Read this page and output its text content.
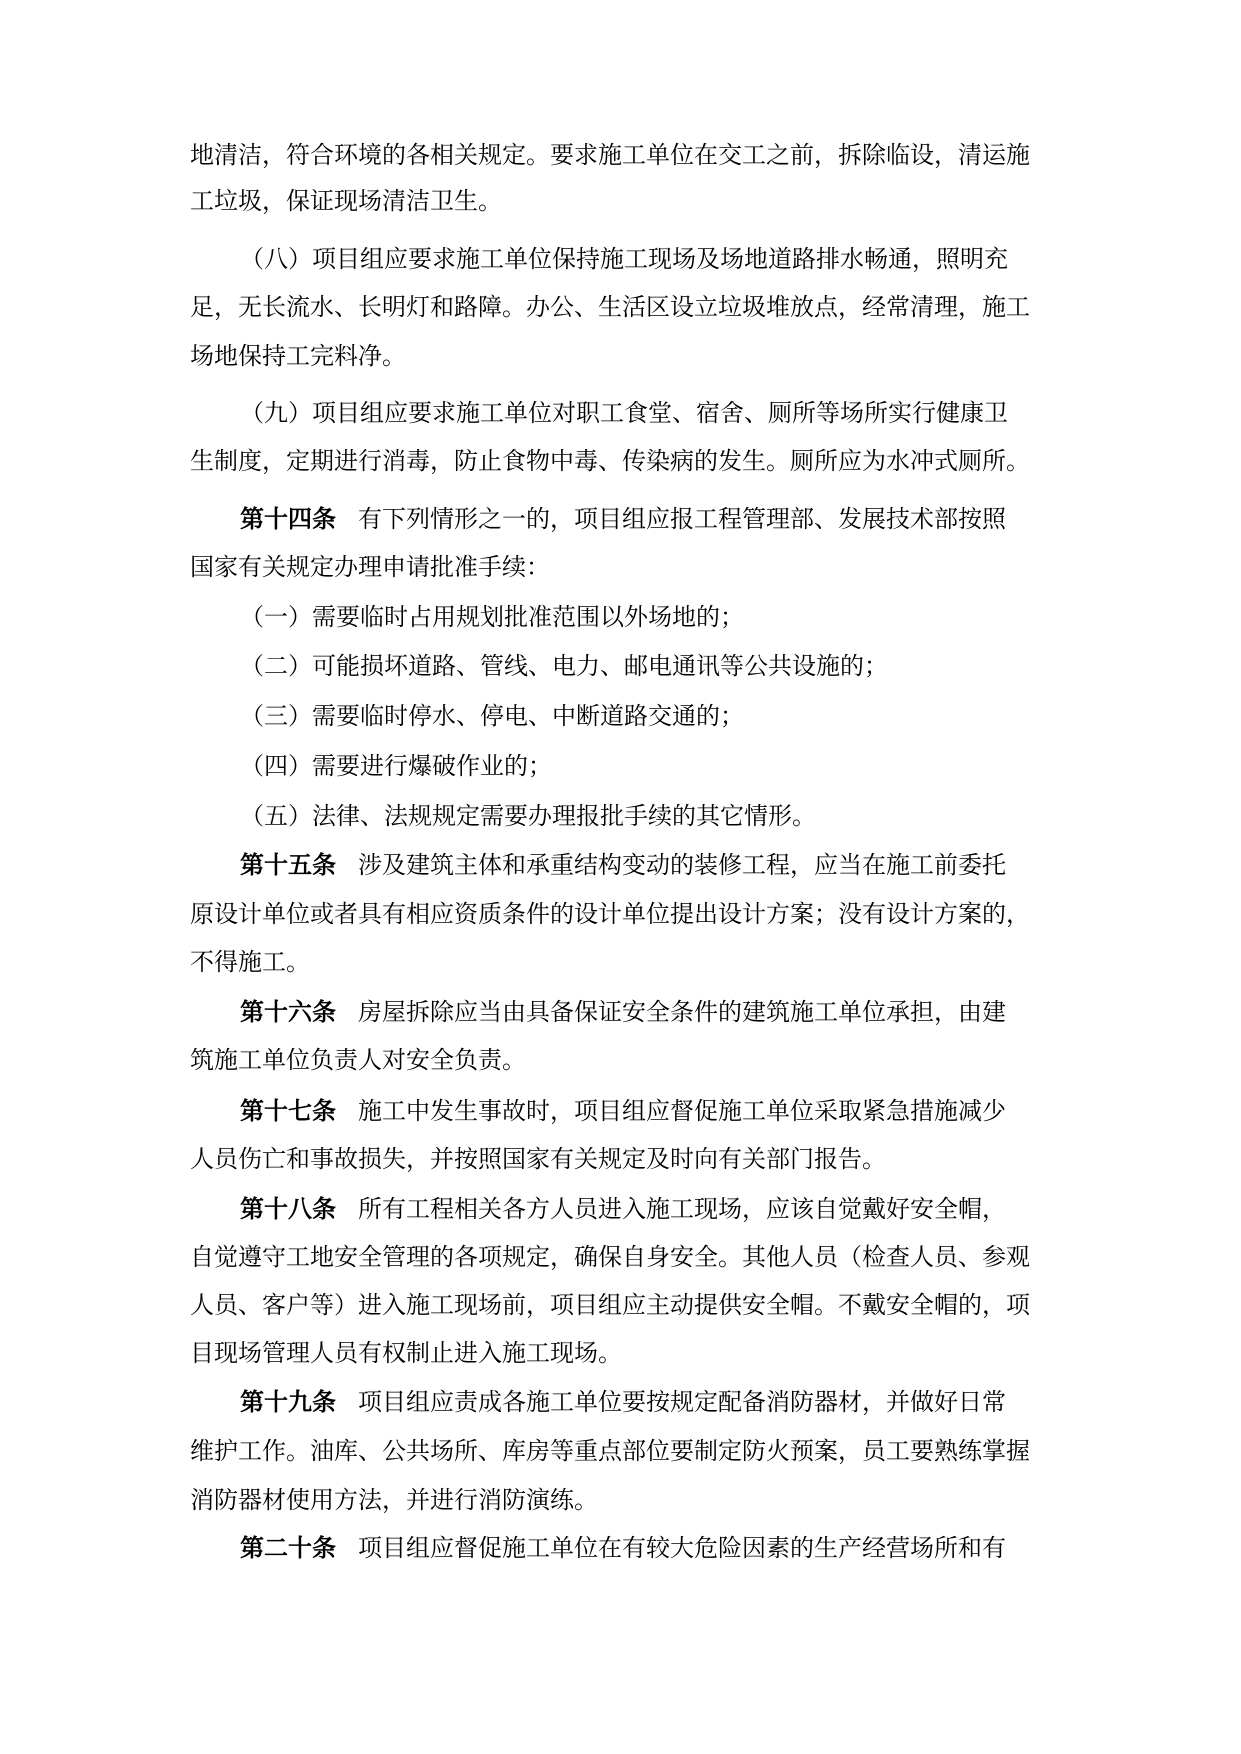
地清洁，符合环境的各相关规定。要求施工单位在交工之前，拆除临设，清运施
工垃圾，保证现场清洁卫生。
（八）项目组应要求施工单位保持施工现场及场地道路排水畅通，照明充
足，无长流水、长明灯和路障。办公、生活区设立垃圾堆放点，经常清理，施工
场地保持工完料净。
（九）项目组应要求施工单位对职工食堂、宿舍、厕所等场所实行健康卫
生制度，定期进行消毒，防止食物中毒、传染病的发生。厕所应为水冲式厕所。
第十四条 有下列情形之一的，项目组应报工程管理部、发展技术部按照
国家有关规定办理申请批准手续：
（一）需要临时占用规划批准范围以外场地的；
（二）可能损坏道路、管线、电力、邮电通讯等公共设施的；
（三）需要临时停水、停电、中断道路交通的；
（四）需要进行爆破作业的；
（五）法律、法规规定需要办理报批手续的其它情形。
第十五条 涉及建筑主体和承重结构变动的装修工程，应当在施工前委托
原设计单位或者具有相应资质条件的设计单位提出设计方案；没有设计方案的，
不得施工。
第十六条 房屋拆除应当由具备保证安全条件的建筑施工单位承担，由建
筑施工单位负责人对安全负责。
第十七条 施工中发生事故时，项目组应督促施工单位采取紧急措施减少
人员伤亡和事故损失，并按照国家有关规定及时向有关部门报告。
第十八条 所有工程相关各方人员进入施工现场，应该自觉戴好安全帽，
自觉遵守工地安全管理的各项规定，确保自身安全。其他人员（检查人员、参观
人员、客户等）进入施工现场前，项目组应主动提供安全帽。不戴安全帽的，项
目现场管理人员有权制止进入施工现场。
第十九条 项目组应责成各施工单位要按规定配备消防器材，并做好日常
维护工作。油库、公共场所、库房等重点部位要制定防火预案，员工要熟练掌握
消防器材使用方法，并进行消防演练。
第二十条 项目组应督促施工单位在有较大危险因素的生产经营场所和有
